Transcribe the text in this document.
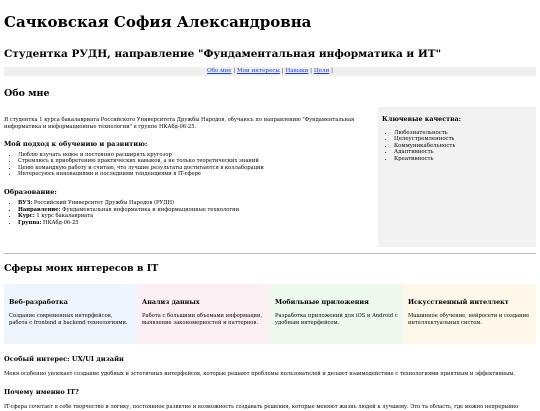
Сачковская София Александровна
Студентка РУДН, направление "Фундаментальная информатика и ИТ"
Обо мне | Мои интересы | Навыки | Цели |
Обо мне
Я студентка 1 курса бакалавриата Российского Университета Дружбы Народов, обучаюсь по направлению "Фундаментальная информатика и информационные технологии" в группе НКАбд-06-25.
Мой подход к обучению и развитию:
• Люблю изучать новое и постоянно расширять кругозор
• Стремлюсь к приобретению практических навыков, а не только теоретических знаний
• Ценю командную работу и считаю, что лучшие результаты достигаются в коллаборации
• Интересуюсь инновациями и последними тенденциями в IT-сфере
Образование:
• ВУЗ: Российский Университет Дружбы Народов (РУДН)
• Направление: Фундаментальная информатика и информационные технологии
• Курс: 1 курс бакалавриата
• Группа: НКАбд-06-25
Ключевые качества:
• Любознательность
• Целеустремленность
• Коммуникабельность
• Адаптивность
• Креативность
Сферы моих интересов в IT
Веб-разработка
Создание современных интерфейсов, работа с frontend и backend технологиями.
Анализ данных
Работа с большими объемами информации, выявление закономерностей и паттернов.
Мобильные приложения
Разработка приложений для iOS и Android с удобным интерфейсом.
Искусственный интеллект
Машинное обучение, нейросети и создание интеллектуальных систем.
Особый интерес: UX/UI дизайн
Меня особенно увлекает создание удобных и эстетичных интерфейсов, которые решают проблемы пользователей и делают взаимодействие с технологиями приятным и эффективным.
Почему именно IT?
IT-сфера сочетает в себе творчество и логику, постоянное развитие и возможность создавать решения, которые меняют жизнь людей к лучшему. Это та область, где можно непрерывно
